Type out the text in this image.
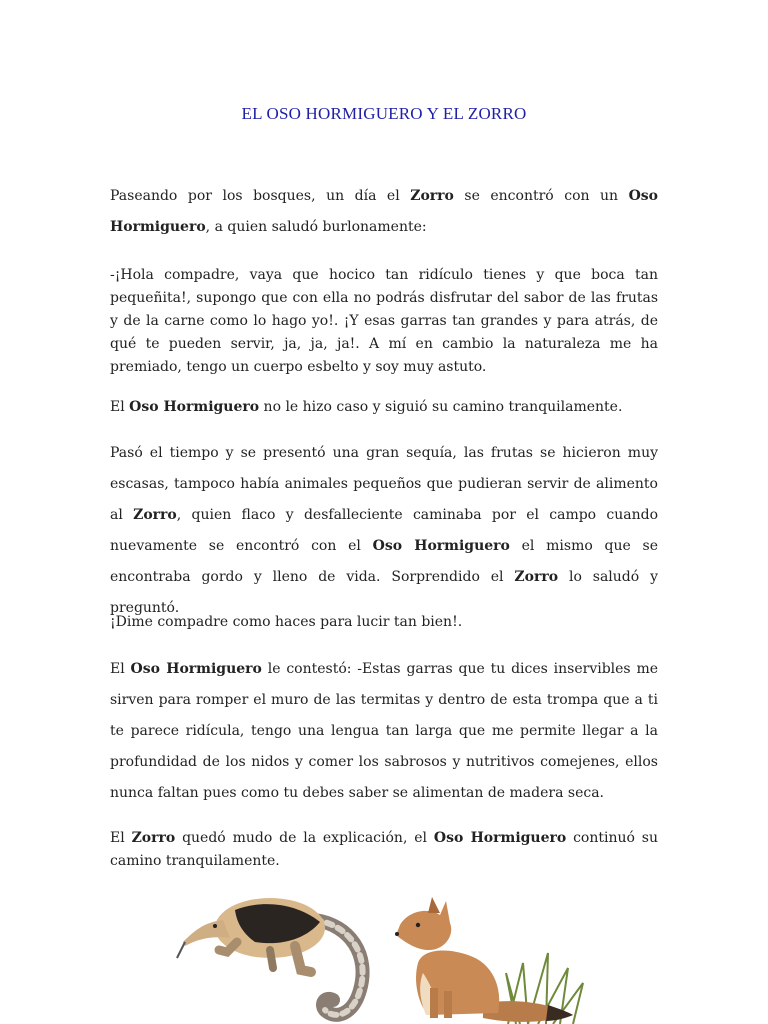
EL OSO HORMIGUERO Y EL ZORRO

Paseando por los bosques, un día el Zorro se encontró con un Oso Hormiguero, a quien saludó burlonamente:

-¡Hola compadre, vaya que hocico tan ridículo tienes y que boca tan pequeñita!, supongo que con ella no podrás disfrutar del sabor de las frutas y de la carne como lo hago yo!. ¡Y esas garras tan grandes y para atrás, de qué te pueden servir, ja, ja, ja!. A mí en cambio la naturaleza me ha premiado, tengo un cuerpo esbelto y soy muy astuto.

El Oso Hormiguero no le hizo caso y siguió su camino tranquilamente.

Pasó el tiempo y se presentó una gran sequía, las frutas se hicieron muy escasas, tampoco había animales pequeños que pudieran servir de alimento al Zorro, quien flaco y desfalleciente caminaba por el campo cuando nuevamente se encontró con el Oso Hormiguero el mismo que se encontraba gordo y lleno de vida. Sorprendido el Zorro lo saludó y preguntó.

¡Dime compadre como haces para lucir tan bien!.

El Oso Hormiguero le contestó: -Estas garras que tu dices inservibles me sirven para romper el muro de las termitas y dentro de esta trompa que a ti te parece ridícula, tengo una lengua tan larga que me permite llegar a la profundidad de los nidos y comer los sabrosos y nutritivos comejenes, ellos nunca faltan pues como tu debes saber se alimentan de madera seca.

El Zorro quedó mudo de la explicación, el Oso Hormiguero continuó su camino tranquilamente.
